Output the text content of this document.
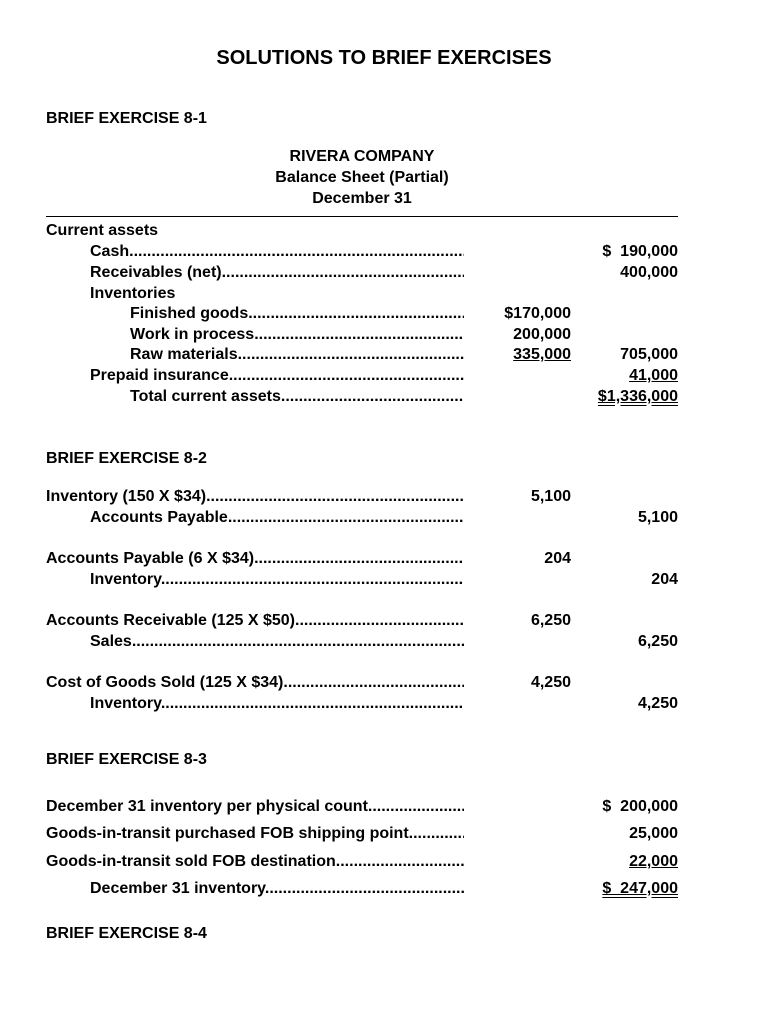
SOLUTIONS TO BRIEF EXERCISES
BRIEF EXERCISE 8-1
RIVERA COMPANY
Balance Sheet (Partial)
December 31
Current assets
Cash .....	$  190,000
Receivables (net) .....	400,000
Inventories
Finished goods .....	$170,000
Work in process .....	200,000
Raw materials .....	335,000	705,000
Prepaid insurance .....	41,000
Total current assets .....	$1,336,000
BRIEF EXERCISE 8-2
Inventory (150 X $34) .....	5,100
Accounts Payable .....	5,100
Accounts Payable (6 X $34) .....	204
Inventory .....	204
Accounts Receivable (125 X $50) .....	6,250
Sales .....	6,250
Cost of Goods Sold (125 X $34) .....	4,250
Inventory .....	4,250
BRIEF EXERCISE 8-3
December 31 inventory per physical count .....	$  200,000
Goods-in-transit purchased FOB shipping point .....	25,000
Goods-in-transit sold FOB destination .....	22,000
December 31 inventory .....	$  247,000
BRIEF EXERCISE 8-4
